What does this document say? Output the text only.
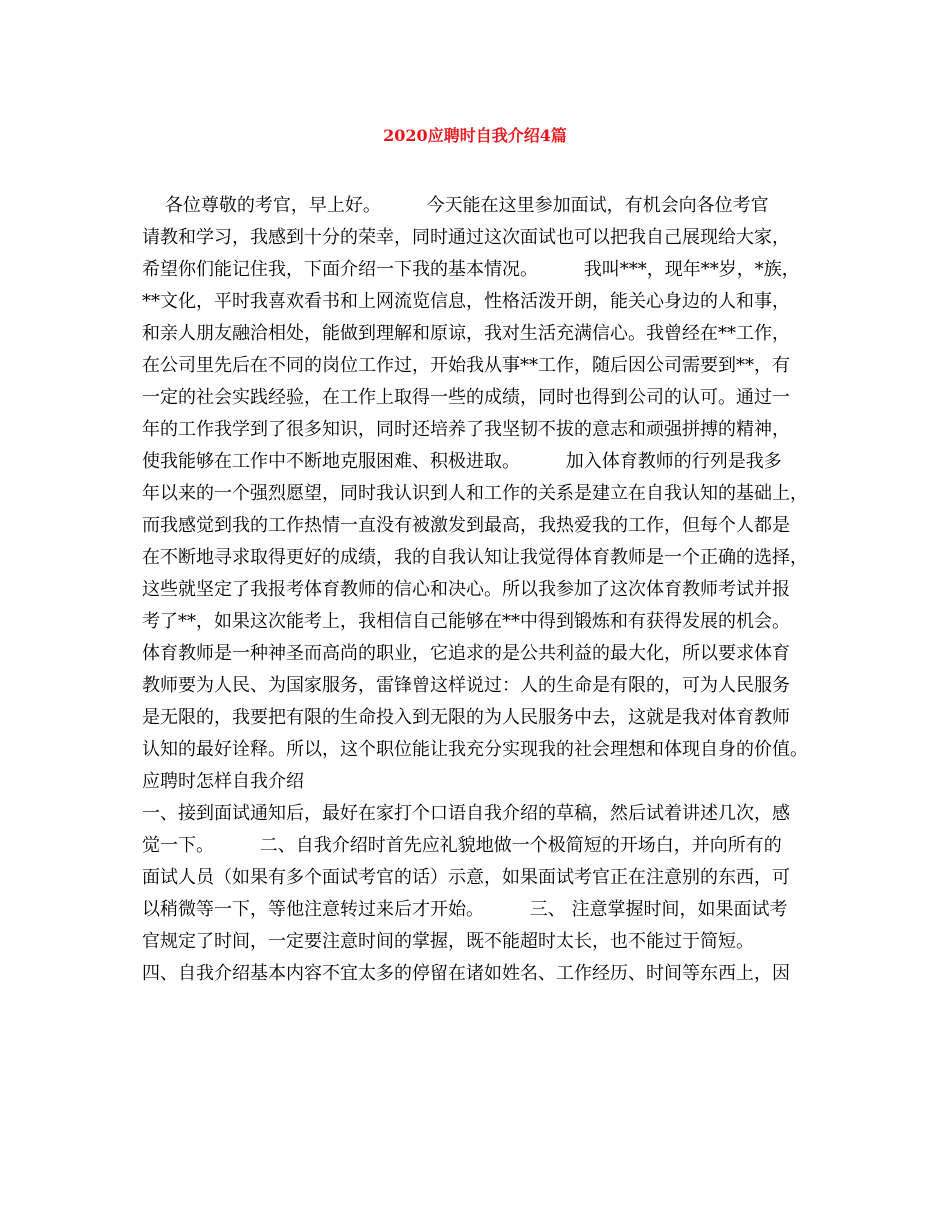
2020应聘时自我介绍4篇
各位尊敬的考官，早上好。        今天能在这里参加面试，有机会向各位考官
请教和学习，我感到十分的荣幸，同时通过这次面试也可以把我自己展现给大家，
希望你们能记住我，下面介绍一下我的基本情况。        我叫***，现年**岁，*族，
**文化，平时我喜欢看书和上网流览信息，性格活泼开朗，能关心身边的人和事，
和亲人朋友融洽相处，能做到理解和原谅，我对生活充满信心。我曾经在**工作，
在公司里先后在不同的岗位工作过，开始我从事**工作，随后因公司需要到**，有
一定的社会实践经验，在工作上取得一些的成绩，同时也得到公司的认可。通过一
年的工作我学到了很多知识，同时还培养了我坚韧不拔的意志和顽强拼搏的精神，
使我能够在工作中不断地克服困难、积极进取。        加入体育教师的行列是我多
年以来的一个强烈愿望，同时我认识到人和工作的关系是建立在自我认知的基础上，
而我感觉到我的工作热情一直没有被激发到最高，我热爱我的工作，但每个人都是
在不断地寻求取得更好的成绩，我的自我认知让我觉得体育教师是一个正确的选择，
这些就坚定了我报考体育教师的信心和决心。所以我参加了这次体育教师考试并报
考了**，如果这次能考上，我相信自己能够在**中得到锻炼和有获得发展的机会。
体育教师是一种神圣而高尚的职业，它追求的是公共利益的最大化，所以要求体育
教师要为人民、为国家服务，雷锋曾这样说过：人的生命是有限的，可为人民服务
是无限的，我要把有限的生命投入到无限的为人民服务中去，这就是我对体育教师
认知的最好诠释。所以，这个职位能让我充分实现我的社会理想和体现自身的价值。
应聘时怎样自我介绍
一、接到面试通知后，最好在家打个口语自我介绍的草稿，然后试着讲述几次，感
觉一下。        二、自我介绍时首先应礼貌地做一个极简短的开场白，并向所有的
面试人员（如果有多个面试考官的话）示意，如果面试考官正在注意别的东西，可
以稍微等一下，等他注意转过来后才开始。        三、 注意掌握时间，如果面试考
官规定了时间，一定要注意时间的掌握，既不能超时太长，也不能过于简短。
四、自我介绍基本内容不宜太多的停留在诸如姓名、工作经历、时间等东西上，因
